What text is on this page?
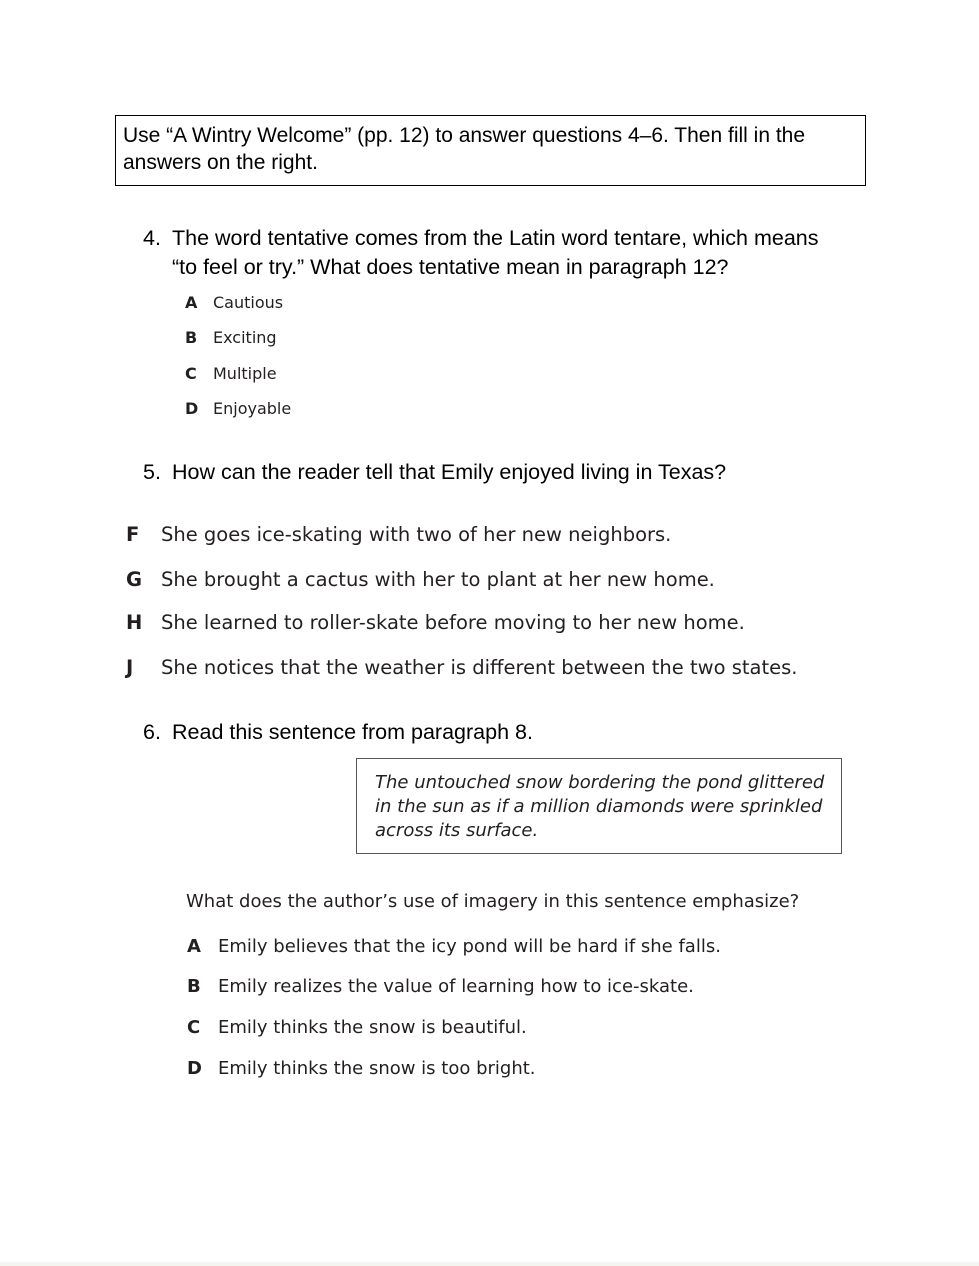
Use “A Wintry Welcome” (pp. 12) to answer questions 4–6. Then fill in the answers on the right.
4. The word tentative comes from the Latin word tentare, which means
“to feel or try.” What does tentative mean in paragraph 12?
A Cautious
B Exciting
C Multiple
D Enjoyable
5. How can the reader tell that Emily enjoyed living in Texas?
F She goes ice-skating with two of her new neighbors.
G She brought a cactus with her to plant at her new home.
H She learned to roller-skate before moving to her new home.
J She notices that the weather is different between the two states.
6. Read this sentence from paragraph 8.
The untouched snow bordering the pond glittered
in the sun as if a million diamonds were sprinkled
across its surface.
What does the author’s use of imagery in this sentence emphasize?
A Emily believes that the icy pond will be hard if she falls.
B Emily realizes the value of learning how to ice-skate.
C Emily thinks the snow is beautiful.
D Emily thinks the snow is too bright.
